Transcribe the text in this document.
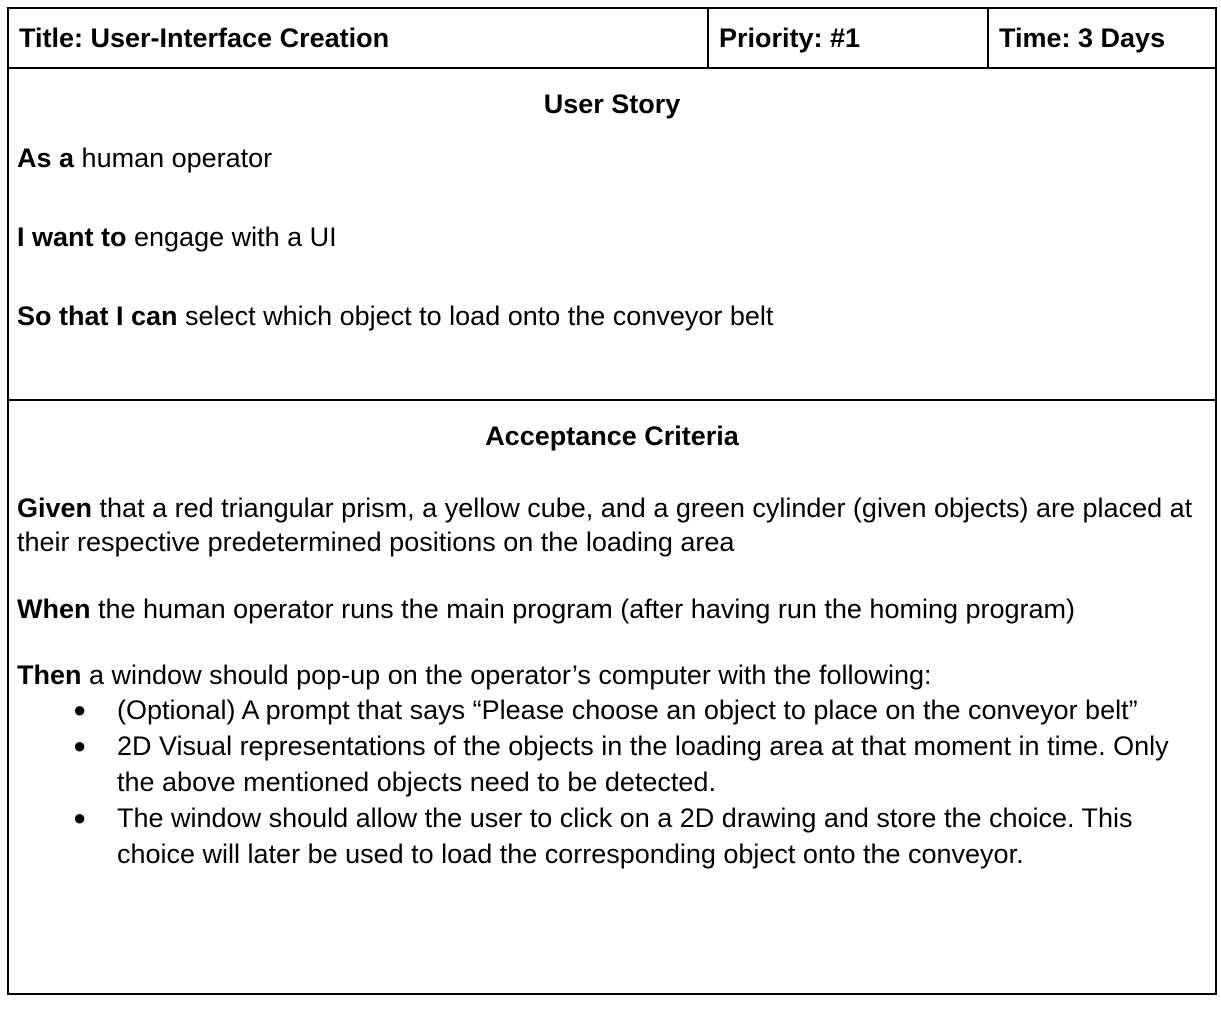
Title: User-Interface Creation	Priority: #1	Time: 3 Days

User Story

As a human operator

I want to engage with a UI

So that I can select which object to load onto the conveyor belt

Acceptance Criteria

Given that a red triangular prism, a yellow cube, and a green cylinder (given objects) are placed at their respective predetermined positions on the loading area

When the human operator runs the main program (after having run the homing program)

Then a window should pop-up on the operator’s computer with the following:

● (Optional) A prompt that says “Please choose an object to place on the conveyor belt”
● 2D Visual representations of the objects in the loading area at that moment in time. Only the above mentioned objects need to be detected.
● The window should allow the user to click on a 2D drawing and store the choice. This choice will later be used to load the corresponding object onto the conveyor.
